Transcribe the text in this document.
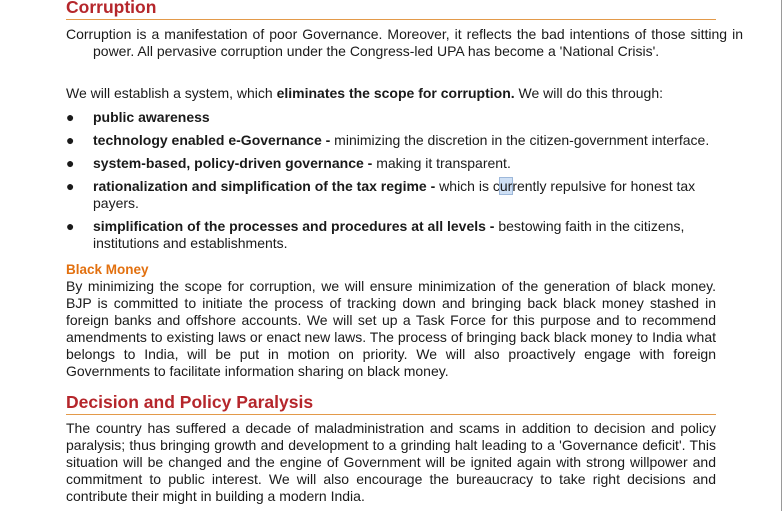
Corruption

Corruption is a manifestation of poor Governance. Moreover, it reflects the bad intentions of those sitting in power. All pervasive corruption under the Congress-led UPA has become a 'National Crisis'.

We will establish a system, which eliminates the scope for corruption. We will do this through:

● public awareness
● technology enabled e-Governance - minimizing the discretion in the citizen-government interface.
● system-based, policy-driven governance - making it transparent.
● rationalization and simplification of the tax regime - which is currently repulsive for honest tax payers.
● simplification of the processes and procedures at all levels - bestowing faith in the citizens, institutions and establishments.
Black Money

By minimizing the scope for corruption, we will ensure minimization of the generation of black money. BJP is committed to initiate the process of tracking down and bringing back black money stashed in foreign banks and offshore accounts. We will set up a Task Force for this purpose and to recommend amendments to existing laws or enact new laws. The process of bringing back black money to India what belongs to India, will be put in motion on priority. We will also proactively engage with foreign Governments to facilitate information sharing on black money.

Decision and Policy Paralysis

The country has suffered a decade of maladministration and scams in addition to decision and policy paralysis; thus bringing growth and development to a grinding halt leading to a 'Governance deficit'. This situation will be changed and the engine of Government will be ignited again with strong willpower and commitment to public interest. We will also encourage the bureaucracy to take right decisions and contribute their might in building a modern India.
